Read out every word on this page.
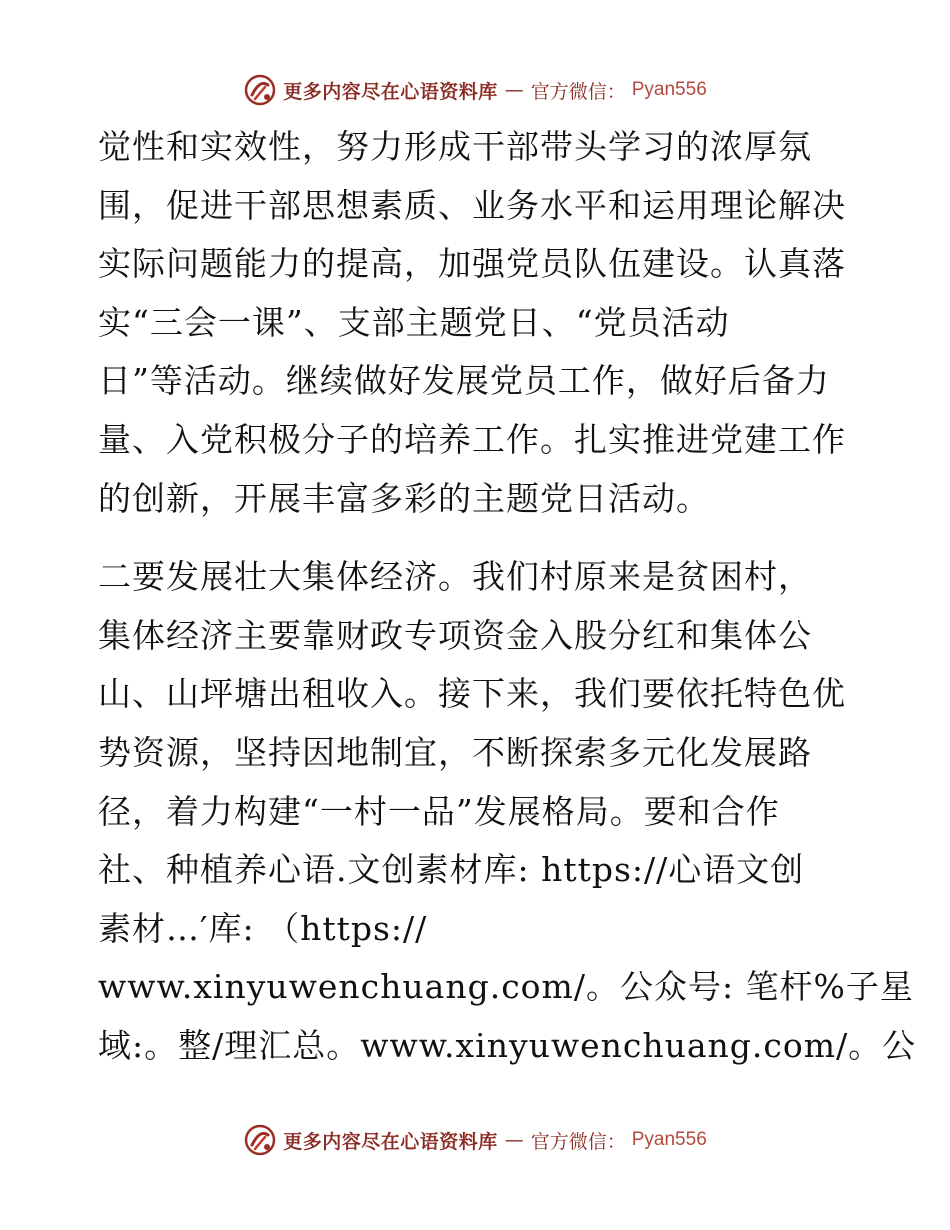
更多内容尽在心语资料库 — 官方微信： Pyan556
觉性和实效性，努力形成干部带头学习的浓厚氛
围，促进干部思想素质、业务水平和运用理论解决
实际问题能力的提高，加强党员队伍建设。认真落
实“三会一课”、支部主题党日、“党员活动
日”等活动。继续做好发展党员工作，做好后备力
量、入党积极分子的培养工作。扎实推进党建工作
的创新，开展丰富多彩的主题党日活动。
二要发展壮大集体经济。我们村原来是贫困村，
集体经济主要靠财政专项资金入股分红和集体公
山、山坪塘出租收入。接下来，我们要依托特色优
势资源，坚持因地制宜，不断探索多元化发展路
径，着力构建“一村一品”发展格局。要和合作
社、种植养心语.文创素材库: https://心语文创
素材…′库: （https://
www.xinyuwenchuang.com/。公众号: 笔杆%子星
域:。整/理汇总。www.xinyuwenchuang.com/。公
更多内容尽在心语资料库 — 官方微信： Pyan556
